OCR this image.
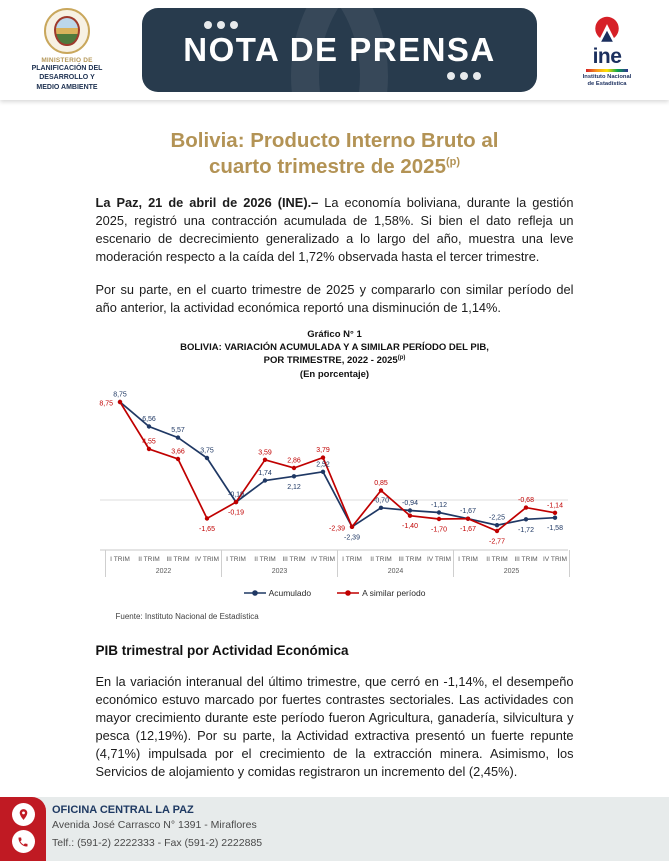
MINISTERIO DE
PLANIFICACIÓN DEL
DESARROLLO Y
MEDIO AMBIENTE
NOTA DE PRENSA	ine
Instituto Nacional
de Estadística
Bolivia: Producto Interno Bruto al
cuarto trimestre de 2025$^{(p)}$

La Paz, 21 de abril de 2026 (INE).– La economía boliviana, durante la gestión 2025, registró una contracción acumulada de 1,58%. Si bien el dato refleja un escenario de decrecimiento generalizado a lo largo del año, muestra una leve moderación respecto a la caída del 1,72% observada hasta el tercer trimestre.

Por su parte, en el cuarto trimestre de 2025 y compararlo con similar período del año anterior, la actividad económica reportó una disminución de 1,14%.

Gráfico N° 1
BOLIVIA: VARIACIÓN ACUMULADA Y A SIMILAR PERÍODO DEL PIB,
POR TRIMESTRE, 2022 - 2025$^{(p)}$
(En porcentaje)
I TRIM II TRIM III TRIM IV TRIM I TRIM II TRIM III TRIM IV TRIM I TRIM II TRIM III TRIM IV TRIM I TRIM II TRIM III TRIM IV TRIM
2022	2023	2024	2025
8,75
6,56
5,57
3,75
-0,19
1,74
2,12
2,52
-2,39
-0,70 -0,94 -1,12
-1,67
-2,25
-1,72 -1,58
8,75
4,55
3,66
-1,65
-0,19
3,59
2,86
3,79
-2,39
0,85
-1,40 -1,70 -1,67
-2,77
-0,68
-1,14
Acumulado	A similar período
Fuente: Instituto Nacional de Estadística
PIB trimestral por Actividad Económica

En la variación interanual del último trimestre, que cerró en -1,14%, el desempeño económico estuvo marcado por fuertes contrastes sectoriales. Las actividades con mayor crecimiento durante este período fueron Agricultura, ganadería, silvicultura y pesca (12,19%). Por su parte, la Actividad extractiva presentó un fuerte repunte (4,71%) impulsada por el crecimiento de la extracción minera. Asimismo, los Servicios de alojamiento y comidas registraron un incremento del (2,45%).

OFICINA CENTRAL LA PAZ
Avenida José Carrasco N° 1391 - Miraflores
Telf.: (591-2) 2222333 - Fax (591-2) 2222885
